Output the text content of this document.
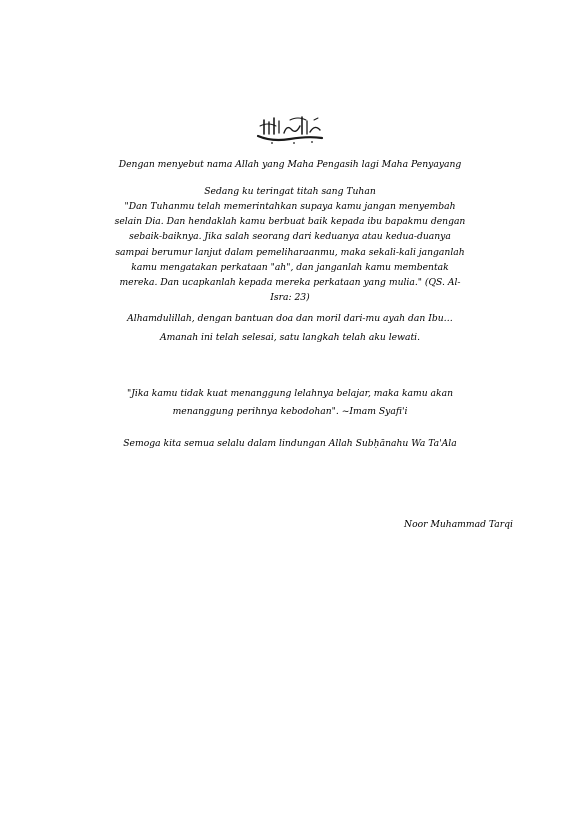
Dengan menyebut nama Allah yang Maha Pengasih lagi Maha Penyayang
Sedang ku teringat titah sang Tuhan
"Dan Tuhanmu telah memerintahkan supaya kamu jangan menyembah selain Dia. Dan hendaklah kamu berbuat baik kepada ibu bapakmu dengan sebaik-baiknya. Jika salah seorang dari keduanya atau kedua-duanya sampai berumur lanjut dalam pemeliharaanmu, maka sekali-kali janganlah kamu mengatakan perkataan "ah", dan janganlah kamu membentak mereka. Dan ucapkanlah kepada mereka perkataan yang mulia." (QS. Al-Isra: 23)
Alhamdulillah, dengan bantuan doa dan moril dari-mu ayah dan Ibu…
Amanah ini telah selesai, satu langkah telah aku lewati.
"Jika kamu tidak kuat menanggung lelahnya belajar, maka kamu akan menanggung perihnya kebodohan". ~Imam Syafi'i
Semoga kita semua selalu dalam lindungan Allah Subḥānahu Wa Ta'Ala
Noor Muhammad Tarqi
